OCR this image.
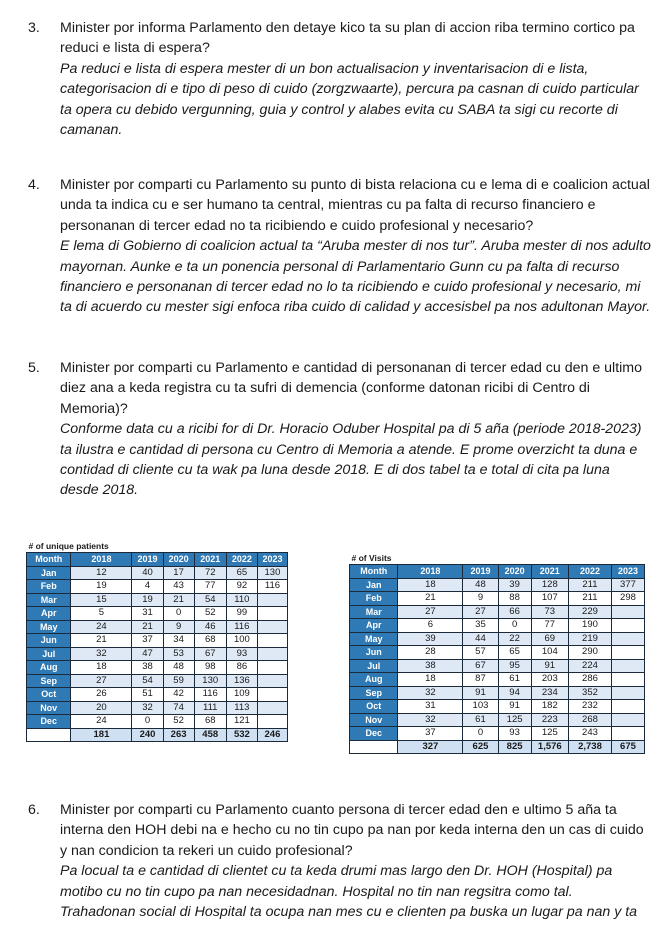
3.	Minister por informa Parlamento den detaye kico ta su plan di accion riba termino cortico pa reduci e lista di espera?
Pa reduci e lista di espera mester di un bon actualisacion y inventarisacion di e lista, categorisacion di e tipo di peso di cuido (zorgzwaarte), percura pa casnan di cuido particular ta opera cu debido vergunning, guia y control y alabes evita cu SABA ta sigi cu recorte di camanan.
4.	Minister por comparti cu Parlamento su punto di bista relaciona cu e lema di e coalicion actual unda ta indica cu e ser humano ta central, mientras cu pa falta di recurso financiero e personanan di tercer edad no ta ricibiendo e cuido profesional y necesario?
E lema di Gobierno di coalicion actual ta “Aruba mester di nos tur”. Aruba mester di nos adulto mayornan. Aunke e ta un ponencia personal di Parlamentario Gunn cu pa falta di recurso financiero e personanan di tercer edad no lo ta ricibiendo e cuido profesional y necesario, mi ta di acuerdo cu mester sigi enfoca riba cuido di calidad y accesisbel pa nos adultonan Mayor.
5.	Minister por comparti cu Parlamento e cantidad di personanan di tercer edad cu den e ultimo diez ana a keda registra cu ta sufri di demencia (conforme datonan ricibi di Centro di Memoria)?
Conforme data cu a ricibi for di Dr. Horacio Oduber Hospital pa di 5 aña (periode 2018-2023) ta ilustra e cantidad di persona cu Centro di Memoria a atende. E prome overzicht ta duna e contidad di cliente cu ta wak pa luna desde 2018. E di dos tabel ta e total di cita pa luna desde 2018.
# of unique patients						
Month	2018	2019	2020	2021	2022	2023
Jan	12	40	17	72	65	130
Feb	19	4	43	77	92	116
Mar	15	19	21	54	110	
Apr	5	31	0	52	99	
May	24	21	9	46	116	
Jun	21	37	34	68	100	
Jul	32	47	53	67	93	
Aug	18	38	48	98	86	
Sep	27	54	59	130	136	
Oct	26	51	42	116	109	
Nov	20	32	74	111	113	
Dec	24	0	52	68	121	
	181	240	263	458	532	246
# of Visits						
Month	2018	2019	2020	2021	2022	2023
Jan	18	48	39	128	211	377
Feb	21	9	88	107	211	298
Mar	27	27	66	73	229	
Apr	6	35	0	77	190	
May	39	44	22	69	219	
Jun	28	57	65	104	290	
Jul	38	67	95	91	224	
Aug	18	87	61	203	286	
Sep	32	91	94	234	352	
Oct	31	103	91	182	232	
Nov	32	61	125	223	268	
Dec	37	0	93	125	243	
	327	625	825	1,576	2,738	675
6.	Minister por comparti cu Parlamento cuanto persona di tercer edad den e ultimo 5 aña ta interna den HOH debi na e hecho cu no tin cupo pa nan por keda interna den un cas di cuido y nan condicion ta rekeri un cuido profesional?
Pa locual ta e cantidad di clientet cu ta keda drumi mas largo den Dr. HOH (Hospital) pa motibo cu no tin cupo pa nan necesidadnan. Hospital no tin nan regsitra como tal. Trahadonan social di Hospital ta ocupa nan mes cu e clienten pa buska un lugar pa nan y ta
